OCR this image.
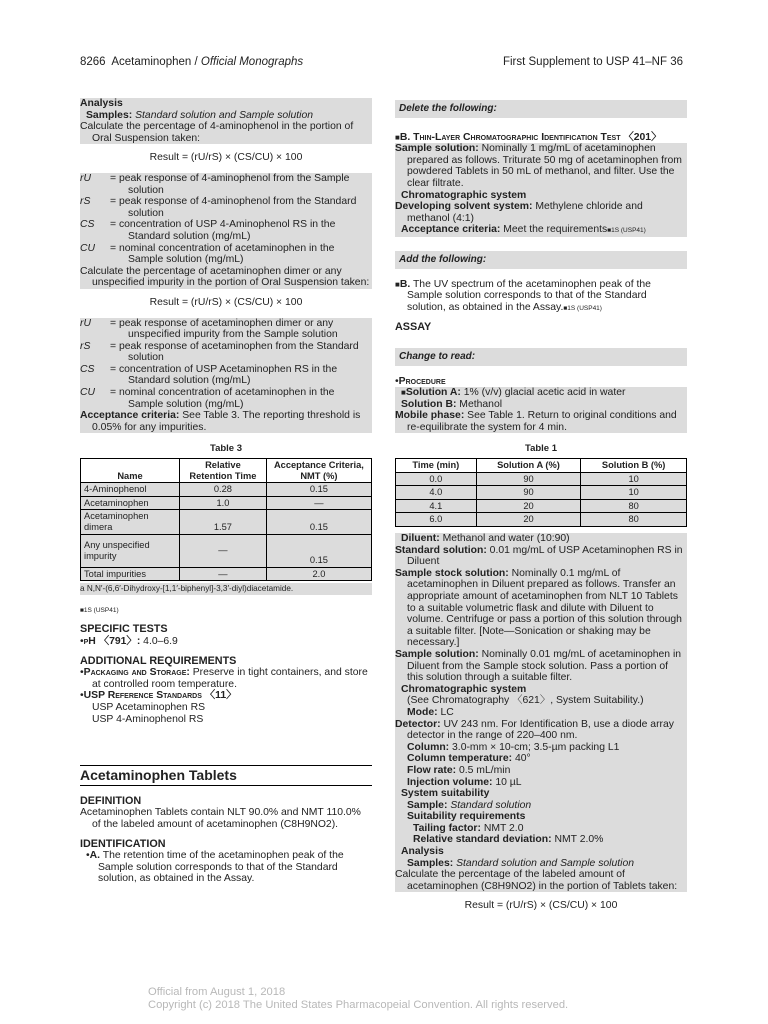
8266 Acetaminophen / Official Monographs	First Supplement to USP 41–NF 36

Analysis

Samples: Standard solution and Sample solution

Calculate the percentage of 4-aminophenol in the portion of Oral Suspension taken:

Result = (rU/rS) × (CS/CU) × 100

rU	= peak response of 4-aminophenol from the Sample solution
rS	= peak response of 4-aminophenol from the Standard solution
CS	= concentration of USP 4-Aminophenol RS in the Standard solution (mg/mL)
CU	= nominal concentration of acetaminophen in the Sample solution (mg/mL)

Calculate the percentage of acetaminophen dimer or any unspecified impurity in the portion of Oral Suspension taken:

Result = (rU/rS) × (CS/CU) × 100

rU	= peak response of acetaminophen dimer or any unspecified impurity from the Sample solution
rS	= peak response of acetaminophen from the Standard solution
CS	= concentration of USP Acetaminophen RS in the Standard solution (mg/mL)
CU	= nominal concentration of acetaminophen in the Sample solution (mg/mL)

Acceptance criteria: See Table 3. The reporting threshold is 0.05% for any impurities.

Table 3

Name	Relative Retention Time	Acceptance Criteria, NMT (%)
4-Aminophenol	0.28	0.15
Acetaminophen	1.0	—
Acetaminophen dimera	1.57	0.15
Any unspecified impurity	—	0.15
Total impurities	—	2.0

a N,N′-(6,6′-Dihydroxy-[1,1′-biphenyl]-3,3′-diyl)diacetamide.

■1S (USP41)

SPECIFIC TESTS

• pH 〈791〉: 4.0–6.9

ADDITIONAL REQUIREMENTS

• Packaging and Storage: Preserve in tight containers, and store at controlled room temperature.

• USP Reference Standards 〈11〉

USP Acetaminophen RS

USP 4-Aminophenol RS

Acetaminophen Tablets

DEFINITION

Acetaminophen Tablets contain NLT 90.0% and NMT 110.0% of the labeled amount of acetaminophen (C8H9NO2).

IDENTIFICATION

• A. The retention time of the acetaminophen peak of the Sample solution corresponds to that of the Standard solution, as obtained in the Assay.

Delete the following:

■B. Thin-Layer Chromatographic Identification Test 〈201〉

Sample solution: Nominally 1 mg/mL of acetaminophen prepared as follows. Triturate 50 mg of acetaminophen from powdered Tablets in 50 mL of methanol, and filter. Use the clear filtrate.

Chromatographic system

Developing solvent system: Methylene chloride and methanol (4:1)

Acceptance criteria: Meet the requirements■1S (USP41)

Add the following:

■B. The UV spectrum of the acetaminophen peak of the Sample solution corresponds to that of the Standard solution, as obtained in the Assay.■1S (USP41)

ASSAY

Change to read:

• Procedure

■Solution A: 1% (v/v) glacial acetic acid in water

Solution B: Methanol

Mobile phase: See Table 1. Return to original conditions and re-equilibrate the system for 4 min.

Table 1

Time (min)	Solution A (%)	Solution B (%)
0.0	90	10
4.0	90	10
4.1	20	80
6.0	20	80

Diluent: Methanol and water (10:90)

Standard solution: 0.01 mg/mL of USP Acetaminophen RS in Diluent

Sample stock solution: Nominally 0.1 mg/mL of acetaminophen in Diluent prepared as follows. Transfer an appropriate amount of acetaminophen from NLT 10 Tablets to a suitable volumetric flask and dilute with Diluent to volume. Centrifuge or pass a portion of this solution through a suitable filter. [Note—Sonication or shaking may be necessary.]

Sample solution: Nominally 0.01 mg/mL of acetaminophen in Diluent from the Sample stock solution. Pass a portion of this solution through a suitable filter.

Chromatographic system

(See Chromatography 〈621〉, System Suitability.)

Mode: LC

Detector: UV 243 nm. For Identification B, use a diode array detector in the range of 220–400 nm.

Column: 3.0-mm × 10-cm; 3.5-µm packing L1

Column temperature: 40°

Flow rate: 0.5 mL/min

Injection volume: 10 µL

System suitability

Sample: Standard solution

Suitability requirements

Tailing factor: NMT 2.0

Relative standard deviation: NMT 2.0%

Analysis

Samples: Standard solution and Sample solution

Calculate the percentage of the labeled amount of acetaminophen (C8H9NO2) in the portion of Tablets taken:

Result = (rU/rS) × (CS/CU) × 100

Official from August 1, 2018
Copyright (c) 2018 The United States Pharmacopeial Convention. All rights reserved.
